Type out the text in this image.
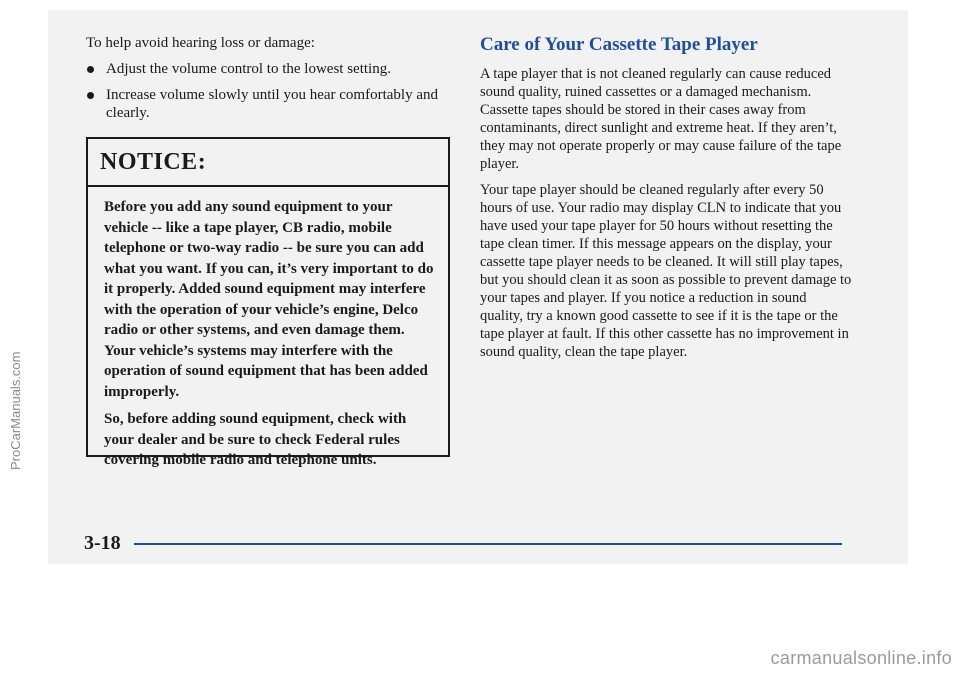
ProCarManuals.com

To help avoid hearing loss or damage:

Adjust the volume control to the lowest setting.
Increase volume slowly until you hear comfortably and clearly.
NOTICE:

Before you add any sound equipment to your vehicle -- like a tape player, CB radio, mobile telephone or two-way radio -- be sure you can add what you want. If you can, it’s very important to do it properly. Added sound equipment may interfere with the operation of your vehicle’s engine, Delco radio or other systems, and even damage them. Your vehicle’s systems may interfere with the operation of sound equipment that has been added improperly.

So, before adding sound equipment, check with your dealer and be sure to check Federal rules covering mobile radio and telephone units.

Care of Your Cassette Tape Player

A tape player that is not cleaned regularly can cause reduced sound quality, ruined cassettes or a damaged mechanism. Cassette tapes should be stored in their cases away from contaminants, direct sunlight and extreme heat. If they aren’t, they may not operate properly or may cause failure of the tape player.

Your tape player should be cleaned regularly after every 50 hours of use. Your radio may display CLN to indicate that you have used your tape player for 50 hours without resetting the tape clean timer. If this message appears on the display, your cassette tape player needs to be cleaned. It will still play tapes, but you should clean it as soon as possible to prevent damage to your tapes and player. If you notice a reduction in sound quality, try a known good cassette to see if it is the tape or the tape player at fault. If this other cassette has no improvement in sound quality, clean the tape player.

3-18
carmanualsonline.info
